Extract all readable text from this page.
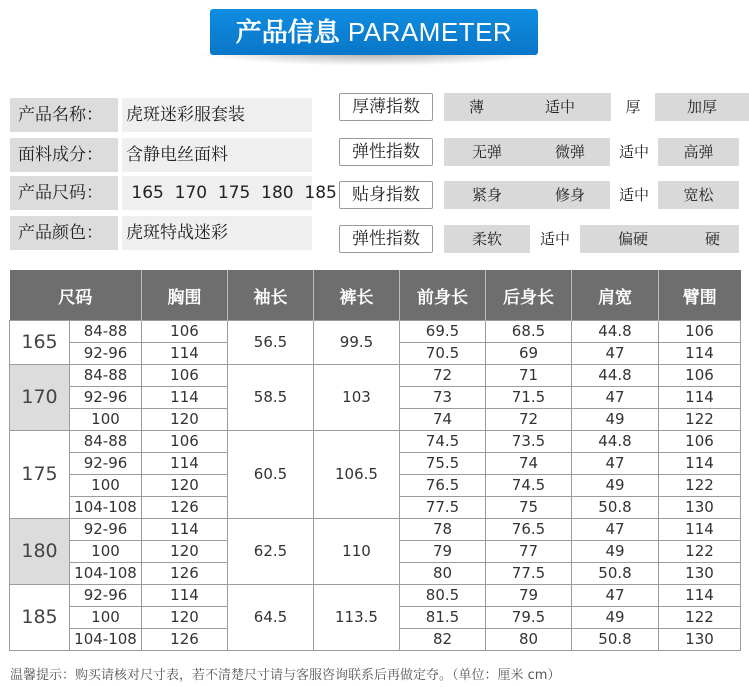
产品信息 PARAMETER
产品名称：	虎斑迷彩服套装
面料成分：	含静电丝面料
产品尺码：	165  170  175  180  185
产品颜色：	虎斑特战迷彩
厚薄指数	薄	适中	厚	加厚
弹性指数	无弹	微弹	适中	高弹
贴身指数	紧身	修身	适中	宽松
弹性指数	柔软	适中	偏硬	硬
尺码		胸围	袖长	裤长	前身长	后身长	肩宽	臂围
165	84-88	106	56.5	99.5	69.5	68.5	44.8	106
	92-96	114			70.5	69	47	114
170	84-88	106	58.5	103	72	71	44.8	106
	92-96	114			73	71.5	47	114
	100	120			74	72	49	122
175	84-88	106	60.5	106.5	74.5	73.5	44.8	106
	92-96	114			75.5	74	47	114
	100	120			76.5	74.5	49	122
	104-108	126			77.5	75	50.8	130
180	92-96	114	62.5	110	78	76.5	47	114
	100	120			79	77	49	122
	104-108	126			80	77.5	50.8	130
185	92-96	114	64.5	113.5	80.5	79	47	114
	100	120			81.5	79.5	49	122
	104-108	126			82	80	50.8	130
温馨提示：购买请核对尺寸表，若不清楚尺寸请与客服咨询联系后再做定夺。（单位：厘米 cm）
